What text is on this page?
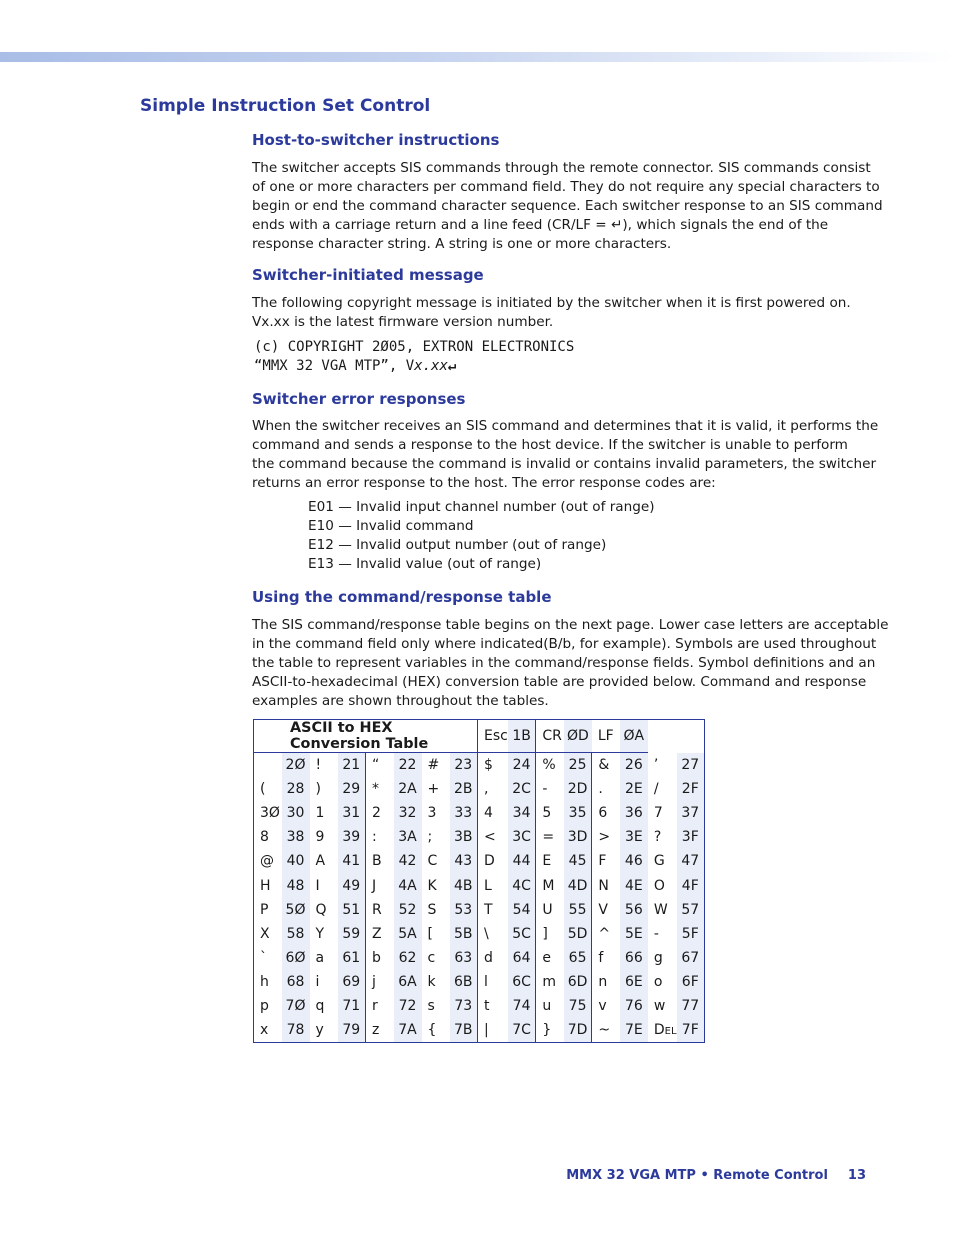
Simple Instruction Set Control
Host-to-switcher instructions

The switcher accepts SIS commands through the remote connector. SIS commands consist
of one or more characters per command field. They do not require any special characters to
begin or end the command character sequence. Each switcher response to an SIS command
ends with a carriage return and a line feed (CR/LF = ↵), which signals the end of the
response character string. A string is one or more characters.

Switcher-initiated message

The following copyright message is initiated by the switcher when it is first powered on.
Vx.xx is the latest firmware version number.

(c) COPYRIGHT 2Ø05, EXTRON ELECTRONICS
“MMX 32 VGA MTP”, Vx.xx↵
Switcher error responses

When the switcher receives an SIS command and determines that it is valid, it performs the
command and sends a response to the host device. If the switcher is unable to perform
the command because the command is invalid or contains invalid parameters, the switcher
returns an error response to the host. The error response codes are:

E01 — Invalid input channel number (out of range)
E10 — Invalid command
E12 — Invalid output number (out of range)
E13 — Invalid value (out of range)
Using the command/response table

The SIS command/response table begins on the next page. Lower case letters are acceptable
in the command field only where indicated(B/b, for example). Symbols are used throughout
the table to represent variables in the command/response fields. Symbol definitions and an
ASCII-to-hexadecimal (HEX) conversion table are provided below. Command and response
examples are shown throughout the tables.

ASCII to HEX Conversion Table								Esc	1B	CR	ØD	LF	ØA		
	2Ø	!	21	“	22	#	23	$	24	%	25	&	26	’	27
(	28	)	29	*	2A	+	2B	,	2C	-	2D	.	2E	/	2F
3Ø	30	1	31	2	32	3	33	4	34	5	35	6	36	7	37
8	38	9	39	:	3A	;	3B	<	3C	=	3D	>	3E	?	3F
@	40	A	41	B	42	C	43	D	44	E	45	F	46	G	47
H	48	I	49	J	4A	K	4B	L	4C	M	4D	N	4E	O	4F
P	5Ø	Q	51	R	52	S	53	T	54	U	55	V	56	W	57
X	58	Y	59	Z	5A	[	5B	\	5C	]	5D	^	5E	-	5F
`	6Ø	a	61	b	62	c	63	d	64	e	65	f	66	g	67
h	68	i	69	j	6A	k	6B	l	6C	m	6D	n	6E	o	6F
p	7Ø	q	71	r	72	s	73	t	74	u	75	v	76	w	77
x	78	y	79	z	7A	{	7B	|	7C	}	7D	~	7E	DEL	7F
MMX 32 VGA MTP • Remote Control 13
